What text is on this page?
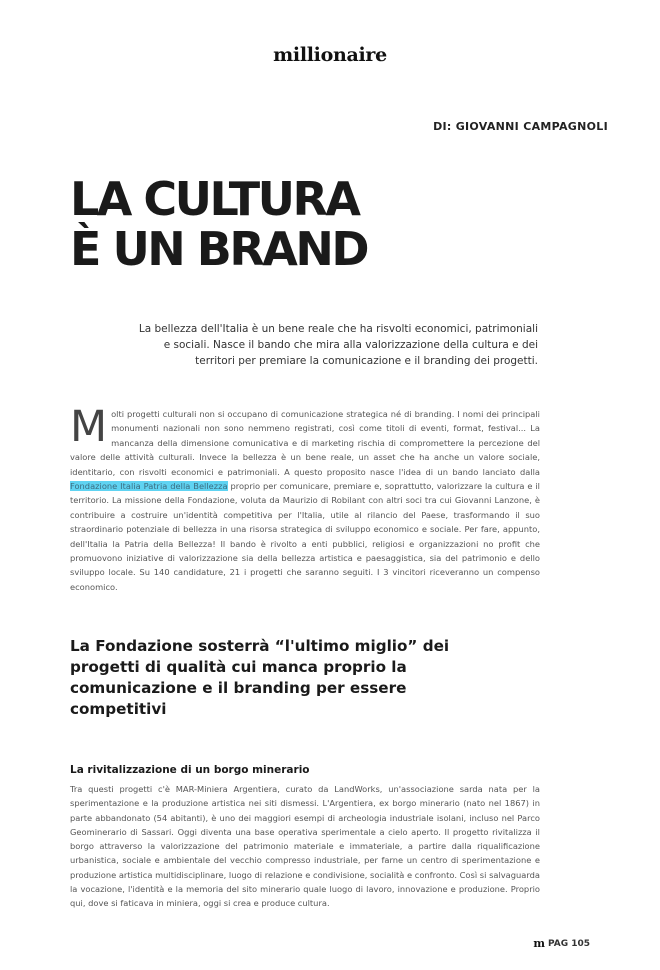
millionaire
DI: GIOVANNI CAMPAGNOLI
LA CULTURA
È UN BRAND

La bellezza dell'Italia è un bene reale che ha risvolti economici, patrimoniali e sociali. Nasce il bando che mira alla valorizzazione della cultura e dei territori per premiare la comunicazione e il branding dei progetti.

Molti progetti culturali non si occupano di comunicazione strategica né di branding. I nomi dei principali monumenti nazionali non sono nemmeno registrati, così come titoli di eventi, format, festival... La mancanza della dimensione comunicativa e di marketing rischia di compromettere la percezione del valore delle attività culturali. Invece la bellezza è un bene reale, un asset che ha anche un valore sociale, identitario, con risvolti economici e patrimoniali. A questo proposito nasce l'idea di un bando lanciato dalla Fondazione Italia Patria della Bellezza proprio per comunicare, premiare e, soprattutto, valorizzare la cultura e il territorio. La missione della Fondazione, voluta da Maurizio di Robilant con altri soci tra cui Giovanni Lanzone, è contribuire a costruire un'identità competitiva per l'Italia, utile al rilancio del Paese, trasformando il suo straordinario potenziale di bellezza in una risorsa strategica di sviluppo economico e sociale. Per fare, appunto, dell'Italia la Patria della Bellezza! Il bando è rivolto a enti pubblici, religiosi e organizzazioni no profit che promuovono iniziative di valorizzazione sia della bellezza artistica e paesaggistica, sia del patrimonio e dello sviluppo locale. Su 140 candidature, 21 i progetti che saranno seguiti. I 3 vincitori riceveranno un compenso economico.

La Fondazione sosterrà “l'ultimo miglio” dei progetti di qualità cui manca proprio la comunicazione e il branding per essere competitivi

La rivitalizzazione di un borgo minerario

Tra questi progetti c'è MAR-Miniera Argentiera, curato da LandWorks, un'associazione sarda nata per la sperimentazione e la produzione artistica nei siti dismessi. L'Argentiera, ex borgo minerario (nato nel 1867) in parte abbandonato (54 abitanti), è uno dei maggiori esempi di archeologia industriale isolani, incluso nel Parco Geominerario di Sassari. Oggi diventa una base operativa sperimentale a cielo aperto. Il progetto rivitalizza il borgo attraverso la valorizzazione del patrimonio materiale e immateriale, a partire dalla riqualificazione urbanistica, sociale e ambientale del vecchio compresso industriale, per farne un centro di sperimentazione e produzione artistica multidisciplinare, luogo di relazione e condivisione, socialità e confronto. Così si salvaguarda la vocazione, l'identità e la memoria del sito minerario quale luogo di lavoro, innovazione e produzione. Proprio qui, dove si faticava in miniera, oggi si crea e produce cultura.

m PAG 105
